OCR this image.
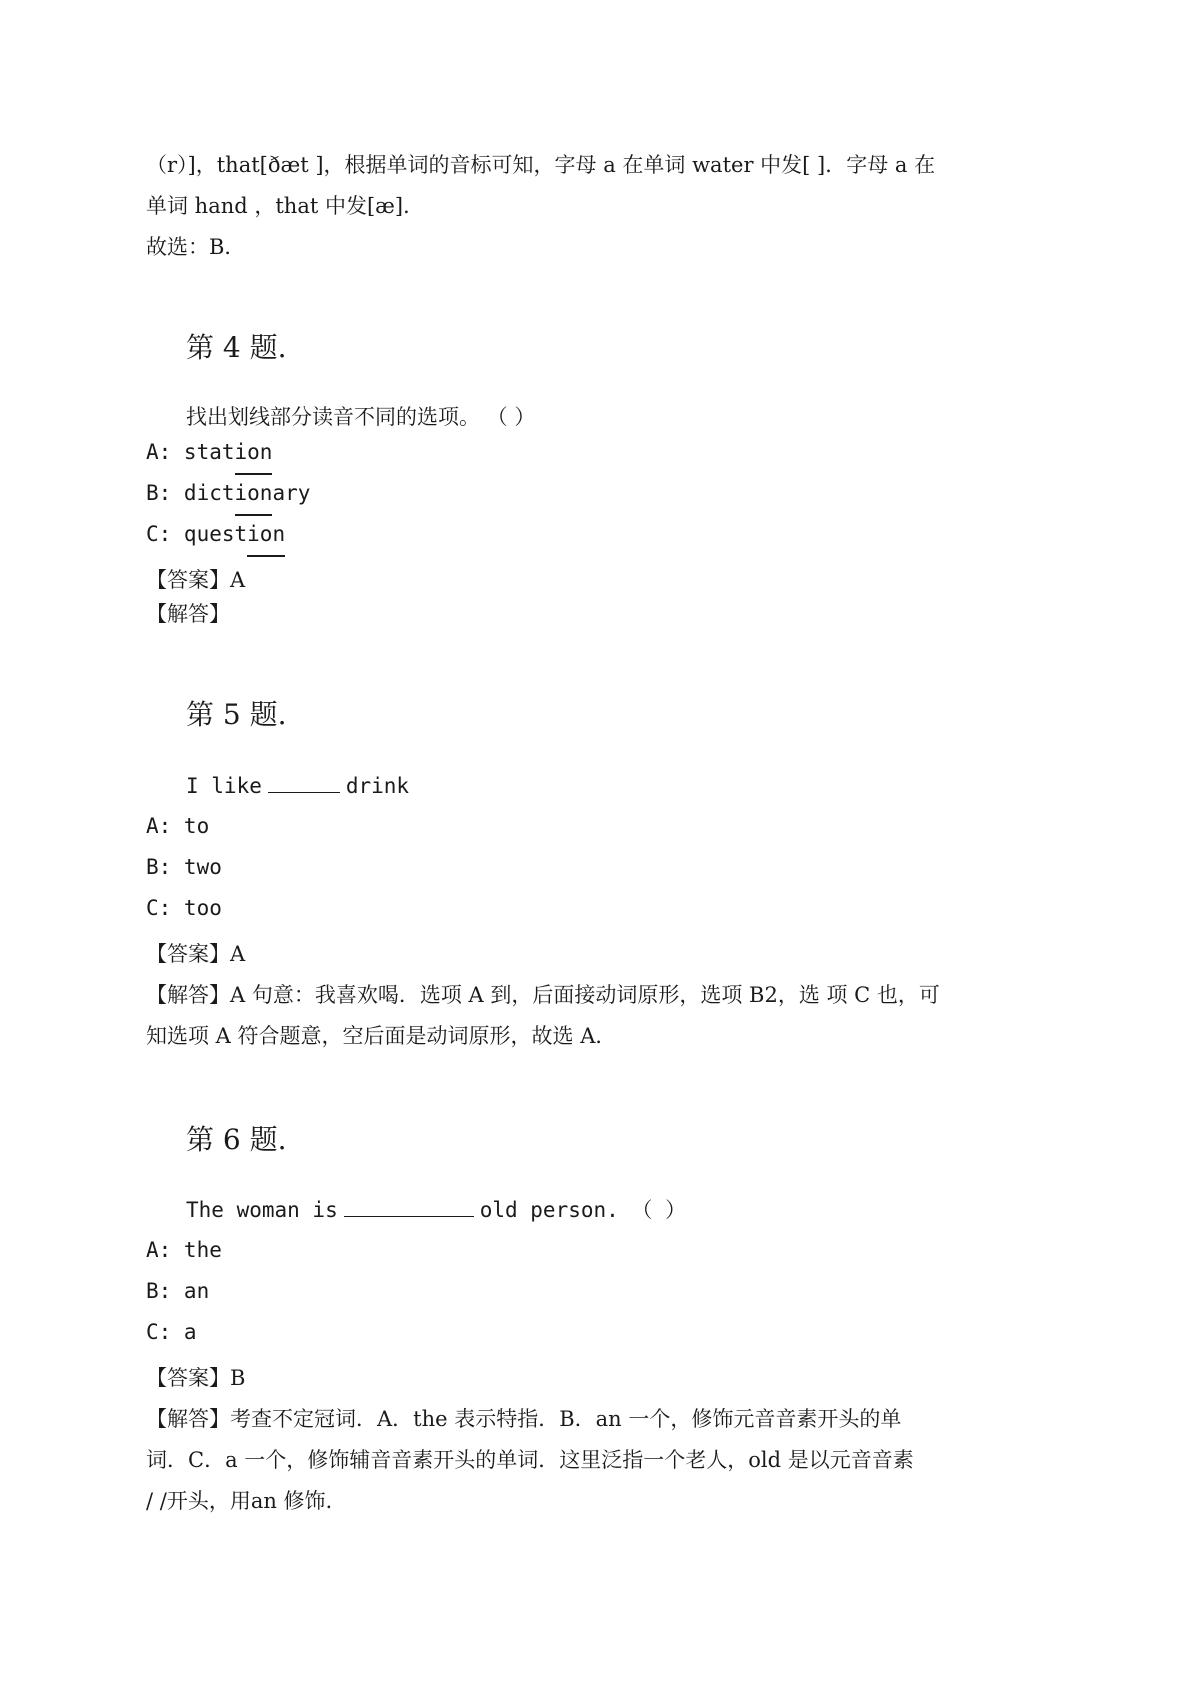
（r）]，that[ðæt ]，根据单词的音标可知，字母 a 在单词 water 中发[ ]．字母 a 在
单词 hand ，that 中发[æ]．
故选：B．
第 4 题.
找出划线部分读音不同的选项。 （ ）
A: station
B: dictionary
C: question
【答案】A
【解答】
第 5 题.
I like	drink
A: to
B: two
C: too
【答案】A
【解答】A 句意：我喜欢喝．选项 A 到，后面接动词原形，选项 B2，选 项 C 也，可
知选项 A 符合题意，空后面是动词原形，故选 A．
第 6 题.
The woman is	old person. （ ）
A: the
B: an
C: a
【答案】B
【解答】考查不定冠词．A．the 表示特指．B．an 一个，修饰元音音素开头的单
词．C．a 一个，修饰辅音音素开头的单词．这里泛指一个老人，old 是以元音音素
/ /开头，用an 修饰.
